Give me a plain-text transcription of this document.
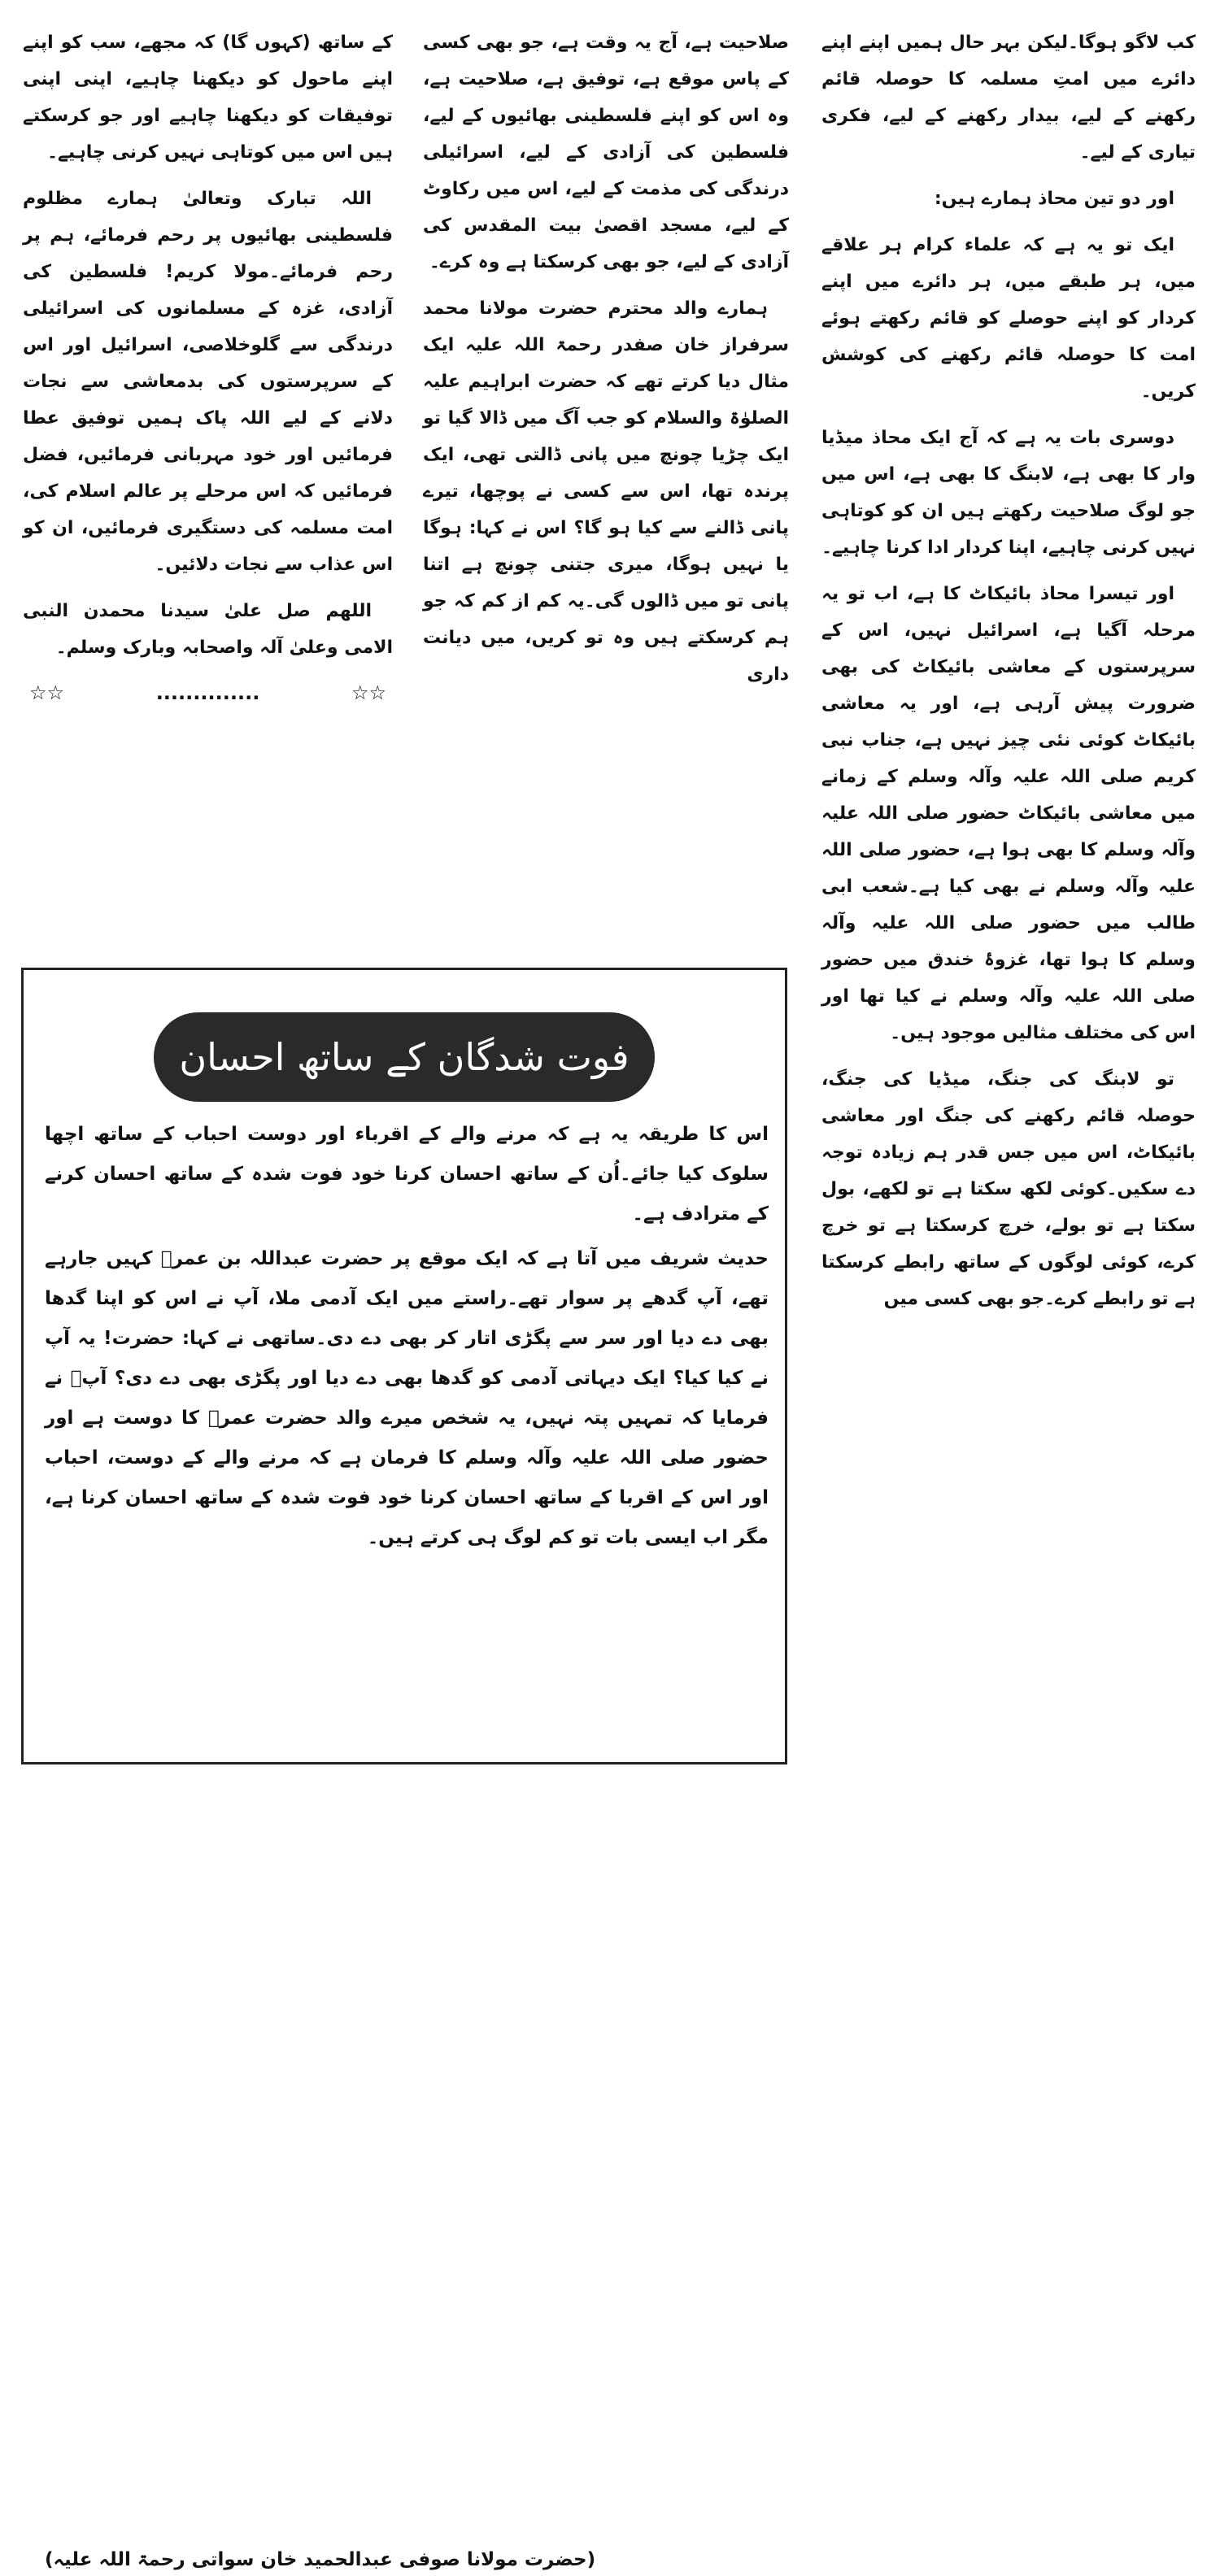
کب لاگو ہوگا۔لیکن بہر حال ہمیں اپنے اپنے دائرے میں امتِ مسلمہ کا حوصلہ قائم رکھنے کے لیے، بیدار رکھنے کے لیے، فکری تیاری کے لیے۔

اور دو تین محاذ ہمارے ہیں:

ایک تو یہ ہے کہ علماء کرام ہر علاقے میں، ہر طبقے میں، ہر دائرے میں اپنے کردار کو اپنے حوصلے کو قائم رکھتے ہوئے امت کا حوصلہ قائم رکھنے کی کوشش کریں۔

دوسری بات یہ ہے کہ آج ایک محاذ میڈیا وار کا بھی ہے، لابنگ کا بھی ہے، اس میں جو لوگ صلاحیت رکھتے ہیں ان کو کوتاہی نہیں کرنی چاہیے، اپنا کردار ادا کرنا چاہیے۔

اور تیسرا محاذ بائیکاٹ کا ہے، اب تو یہ مرحلہ آگیا ہے، اسرائیل نہیں، اس کے سرپرستوں کے معاشی بائیکاٹ کی بھی ضرورت پیش آرہی ہے، اور یہ معاشی بائیکاٹ کوئی نئی چیز نہیں ہے، جناب نبی کریم صلی اللہ علیہ وآلہ وسلم کے زمانے میں معاشی بائیکاٹ حضور صلی اللہ علیہ وآلہ وسلم کا بھی ہوا ہے، حضور صلی اللہ علیہ وآلہ وسلم نے بھی کیا ہے۔شعب ابی طالب میں حضور صلی اللہ علیہ وآلہ وسلم کا ہوا تھا، غزوۂ خندق میں حضور صلی اللہ علیہ وآلہ وسلم نے کیا تھا اور اس کی مختلف مثالیں موجود ہیں۔

تو لابنگ کی جنگ، میڈیا کی جنگ، حوصلہ قائم رکھنے کی جنگ اور معاشی بائیکاٹ، اس میں جس قدر ہم زیادہ توجہ دے سکیں۔کوئی لکھ سکتا ہے تو لکھے، بول سکتا ہے تو بولے، خرچ کرسکتا ہے تو خرچ کرے، کوئی لوگوں کے ساتھ رابطے کرسکتا ہے تو رابطے کرے۔جو بھی کسی میں

صلاحیت ہے، آج یہ وقت ہے، جو بھی کسی کے پاس موقع ہے، توفیق ہے، صلاحیت ہے، وہ اس کو اپنے فلسطینی بھائیوں کے لیے، فلسطین کی آزادی کے لیے، اسرائیلی درندگی کی مذمت کے لیے، اس میں رکاوٹ کے لیے، مسجد اقصیٰ بیت المقدس کی آزادی کے لیے، جو بھی کرسکتا ہے وہ کرے۔

ہمارے والد محترم حضرت مولانا محمد سرفراز خان صفدر رحمۃ اللہ علیہ ایک مثال دیا کرتے تھے کہ حضرت ابراہیم علیہ الصلوٰۃ والسلام کو جب آگ میں ڈالا گیا تو ایک چڑیا چونچ میں پانی ڈالتی تھی، ایک پرندہ تھا، اس سے کسی نے پوچھا، تیرے پانی ڈالنے سے کیا ہو گا؟ اس نے کہا: ہوگا یا نہیں ہوگا، میری جتنی چونچ ہے اتنا پانی تو میں ڈالوں گی۔یہ کم از کم کہ جو ہم کرسکتے ہیں وہ تو کریں، میں دیانت داری

کے ساتھ (کہوں گا) کہ مجھے، سب کو اپنے اپنے ماحول کو دیکھنا چاہیے، اپنی اپنی توفیقات کو دیکھنا چاہیے اور جو کرسکتے ہیں اس میں کوتاہی نہیں کرنی چاہیے۔

اللہ تبارک وتعالیٰ ہمارے مظلوم فلسطینی بھائیوں پر رحم فرمائے، ہم پر رحم فرمائے۔مولا کریم! فلسطین کی آزادی، غزہ کے مسلمانوں کی اسرائیلی درندگی سے گلوخلاصی، اسرائیل اور اس کے سرپرستوں کی بدمعاشی سے نجات دلانے کے لیے اللہ پاک ہمیں توفیق عطا فرمائیں اور خود مہربانی فرمائیں، فضل فرمائیں کہ اس مرحلے پر عالم اسلام کی، امت مسلمہ کی دستگیری فرمائیں، ان کو اس عذاب سے نجات دلائیں۔

اللھم صل علیٰ سیدنا محمدن النبی الامی وعلیٰ آلہ واصحابہ وبارک وسلم۔

☆☆
..............
☆☆
فوت شدگان کے ساتھ احسان

اس کا طریقہ یہ ہے کہ مرنے والے کے اقرباء اور دوست احباب کے ساتھ اچھا سلوک کیا جائے۔اُن کے ساتھ احسان کرنا خود فوت شدہ کے ساتھ احسان کرنے کے مترادف ہے۔

حدیث شریف میں آتا ہے کہ ایک موقع پر حضرت عبداللہ بن عمرؓ کہیں جارہے تھے، آپ گدھے پر سوار تھے۔راستے میں ایک آدمی ملا، آپ نے اس کو اپنا گدھا بھی دے دیا اور سر سے پگڑی اتار کر بھی دے دی۔ساتھی نے کہا: حضرت! یہ آپ نے کیا کیا؟ ایک دیہاتی آدمی کو گدھا بھی دے دیا اور پگڑی بھی دے دی؟ آپؓ نے فرمایا کہ تمہیں پتہ نہیں، یہ شخص میرے والد حضرت عمرؓ کا دوست ہے اور حضور صلی اللہ علیہ وآلہ وسلم کا فرمان ہے کہ مرنے والے کے دوست، احباب اور اس کے اقربا کے ساتھ احسان کرنا خود فوت شدہ کے ساتھ احسان کرنا ہے، مگر اب ایسی بات تو کم لوگ ہی کرتے ہیں۔

(حضرت مولانا صوفی عبدالحمید خان سواتی رحمۃ اللہ علیہ)
